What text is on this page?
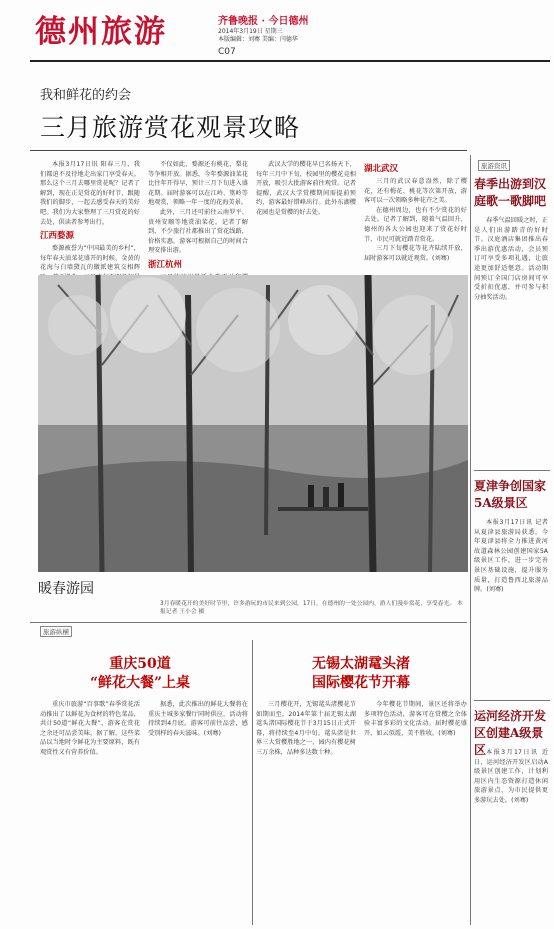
德州旅游	齐鲁晚报 · 今日德州
2014年3月19日 星期三
本版编辑：刘骞 美编：闫德华
C07
我和鲜花的约会
三月旅游赏花观景攻略

本报3月17日讯 阳春三月，我们都迫不及待地走出家门享受春天。那么这个三月去哪里赏花呢？记者了解到，现在正是赏花的好时节，跟随我们的脚步，一起去感受春天的美好吧。我们为大家整理了三月赏花的好去处，供读者参考出行。

江西婺源

婺源被誉为“中国最美的乡村”，每年春天油菜花盛开的时候，金黄的花海与白墙黛瓦的徽派建筑交相辉

不仅如此，婺源还有桃花、梨花等争相开放。据悉，今年婺源油菜花比往年开得早，预计三月下旬进入盛花期。届时游客可以在江岭、篁岭等地观赏，领略一年一度的花海美景。

此外，三月还可前往云南罗平、贵州安顺等地赏油菜花。记者了解到，不少旅行社都推出了赏花线路，价格实惠，游客可根据自己的时间合理安排出游。

浙江杭州

武汉大学的樱花早已名扬天下，每年三月中下旬，校园里的樱花竞相开放，吸引大批游客前往观赏。记者提醒，武汉大学赏樱期间需提前预约，游客最好错峰出行。此外东湖樱花园也是赏樱的好去处。

湖北武汉

三月的武汉春意盎然，除了樱花，还有梅花、桃花等次第开放，游客可以一次领略多种花卉之美。

在德州周边，也有不少赏花的好去处。记者了解到，随着气温回升，德州的各大公园也迎来了赏花好时节，市民可就近踏青赏花。

三月下旬樱花等花卉陆续开放，届时游客可以就近观赏。(刘骞)

暖春游园
3月春暖花开的美好时节里，许多游玩的市民来到公园，17日，在德州的一处公园内，游人们漫步赏花，享受春光。 本报记者 王小会 摄
旅游纵横
重庆50道
“鲜花大餐”上桌

重庆市旅游“百事歌”春季赏花活动推出了以鲜花为食材的特色菜品，共计50道“鲜花大餐”，游客在赏花之余还可品尝美味。据了解，这些菜品以当地时令鲜花为主要原料，既有观赏性又有营养价值。

据悉，此次推出的鲜花大餐将在重庆主城多家餐厅同时供应，活动将持续到4月底。游客可前往品尝，感受别样的春天滋味。(刘骞)

无锡太湖鼋头渚
国际樱花节开幕

三月樱花开，无锡鼋头渚樱花节如期而至。2014年第十届无锡太湖鼋头渚国际樱花节于3月15日正式开幕，将持续至4月中旬。鼋头渚是世界三大赏樱胜地之一，园内有樱花树三万余株，品种多达数十种。

今年樱花节期间，景区还将举办多项特色活动，游客可在赏樱之余体验丰富多彩的文化活动。届时樱花盛开，如云似霞，美不胜收。(刘骞)

旅游资讯
春季出游到汉庭歌一歌脚吧

春季气温回暖之时，正是人们出游踏青的好时节。汉庭酒店集团推出春季出游优惠活动，会员预订可享受多项礼遇，让旅途更加舒适惬意。活动期间预订全国门店房间可享受折扣优惠，并可参与积分抽奖活动。

夏津争创国家5A级景区

本报3月17日讯 记者从夏津县旅游局获悉，今年夏津县将全力推进黄河故道森林公园创建国家5A级景区工作，进一步完善景区基础设施，提升服务质量，打造鲁西北旅游品牌。(刘骞)

运河经济开发区创建A级景区 本报3月17日讯 近日，运河经济开发区启动A级景区创建工作，计划利用区内生态资源打造休闲旅游景点，为市民提供更多游玩去处。(刘骞)
